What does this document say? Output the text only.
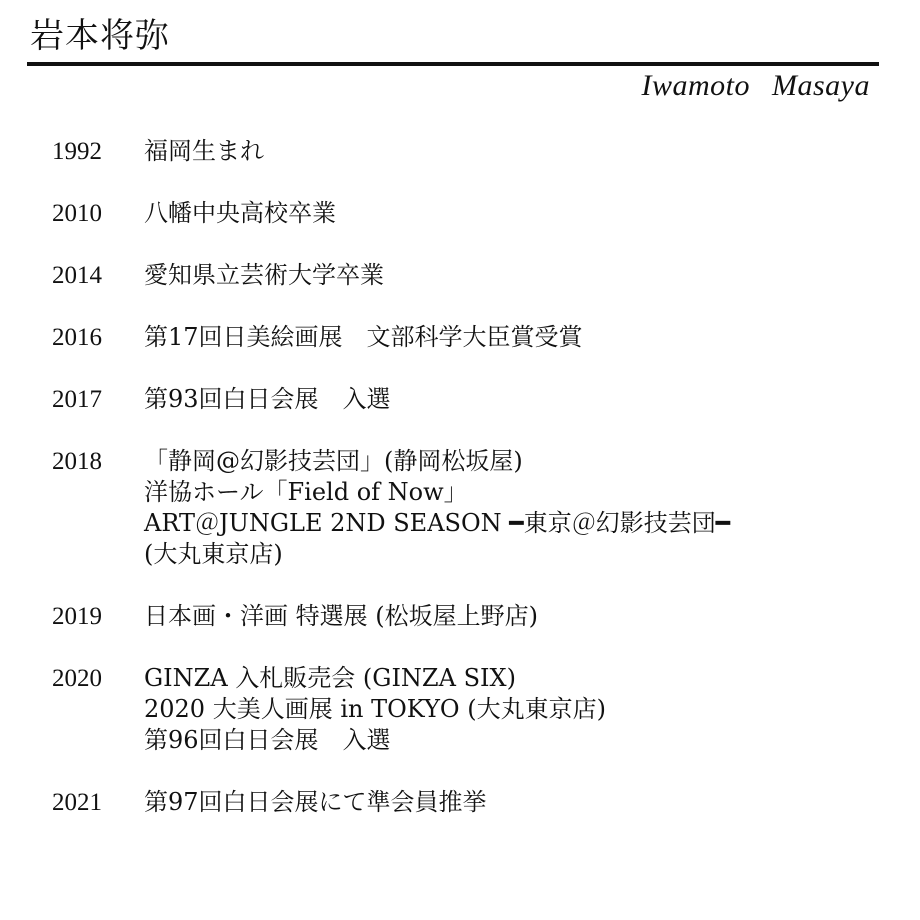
岩本将弥
Iwamoto Masaya
1992	福岡生まれ
2010	八幡中央高校卒業
2014	愛知県立芸術大学卒業
2016	第17回日美絵画展　文部科学大臣賞受賞
2017	第93回白日会展　入選
2018	「静岡@幻影技芸団」(静岡松坂屋)
洋協ホール「Field of Now」
ART＠JUNGLE 2ND SEASON ━東京＠幻影技芸団━
(大丸東京店)
2019	日本画・洋画 特選展 (松坂屋上野店)
2020	GINZA 入札販売会 (GINZA SIX)
2020 大美人画展 in TOKYO (大丸東京店)
第96回白日会展　入選
2021	第97回白日会展にて準会員推挙
